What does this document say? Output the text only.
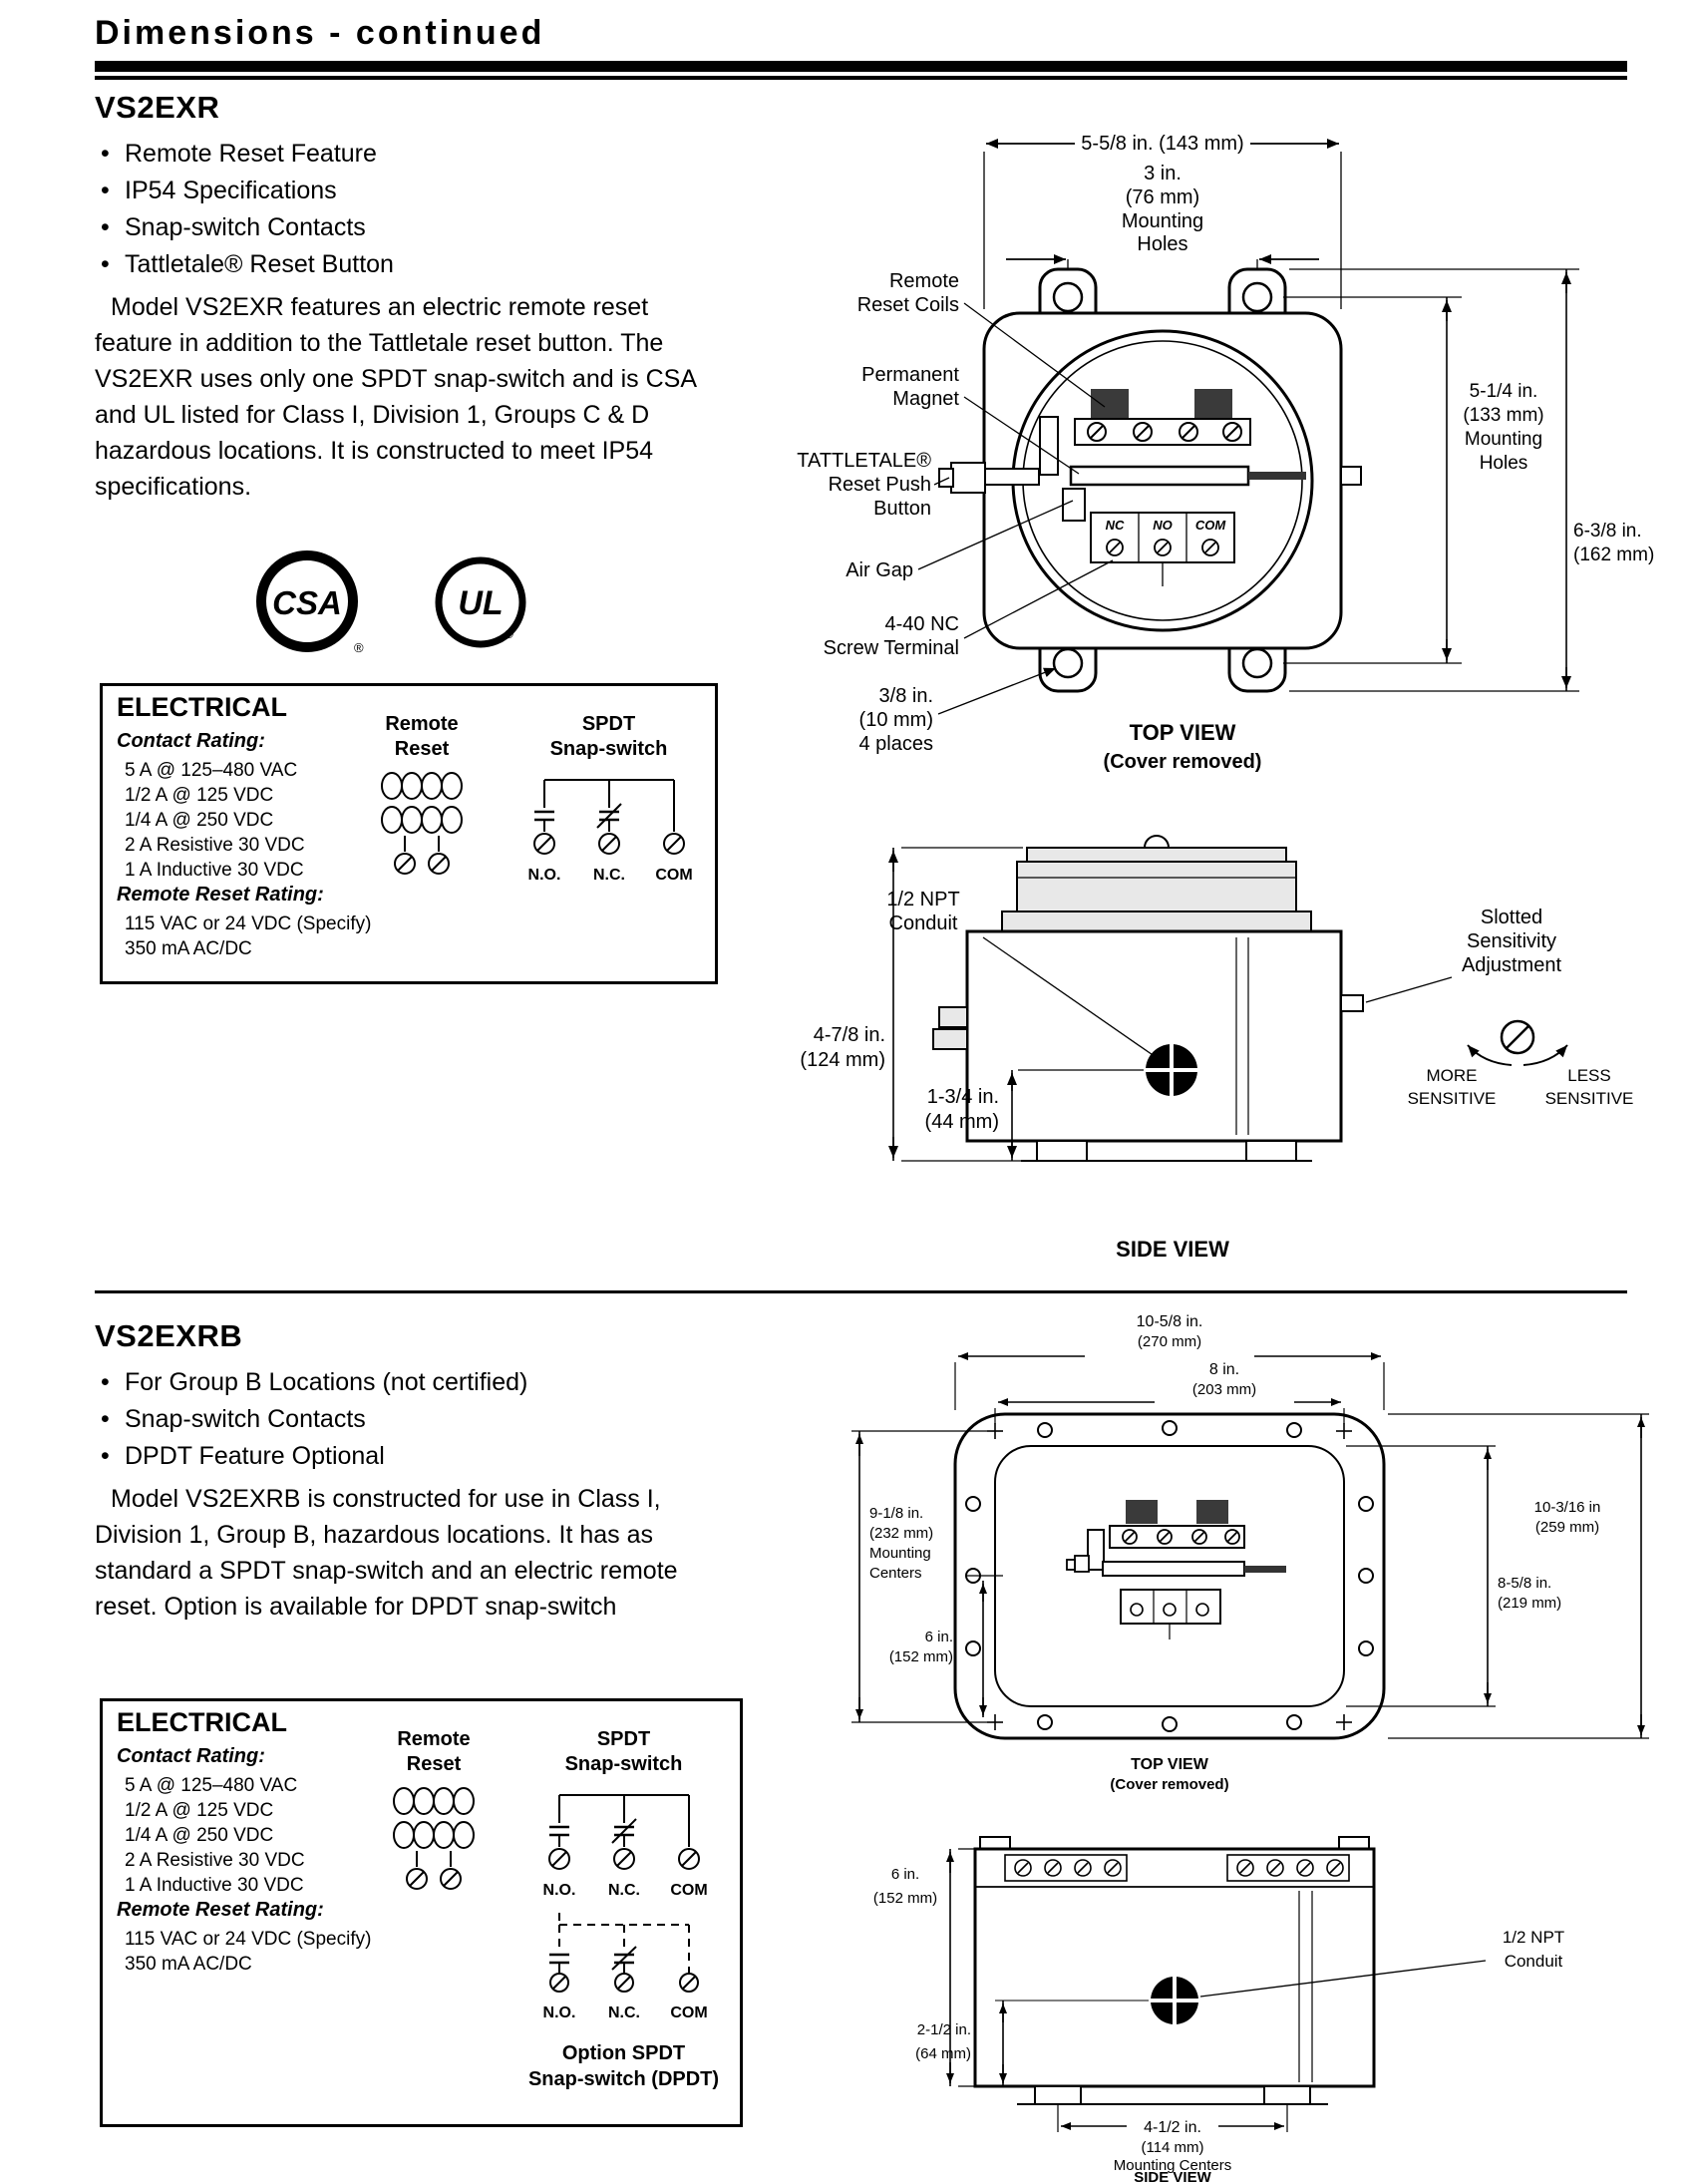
Dimensions - continued
VS2EXR
• Remote Reset Feature
• IP54 Specifications
• Snap-switch Contacts
• Tattletale® Reset Button

Model VS2EXR features an electric remote reset feature in addition to the Tattletale reset button. The VS2EXR uses only one SPDT snap-switch and is CSA and UL listed for Class I, Division 1, Groups C & D hazardous locations. It is constructed to meet IP54 specifications.

CSA
®
UL
®
ELECTRICAL
Contact Rating:
5 A @ 125–480 VAC
1/2 A @ 125 VDC
1/4 A @ 250 VDC
2 A Resistive 30 VDC
1 A Inductive 30 VDC
Remote Reset Rating:
115 VAC or 24 VDC (Specify)
350 mA AC/DC
Remote
Reset
SPDT
Snap-switch
N.O. N.C. COM
5-5/8 in. (143 mm)
3 in.
(76 mm)
Mounting
Holes
NC NO COM
Remote
Reset Coils
Permanent
Magnet
TATTLETALE®
Reset Push
Button
Air Gap
4-40 NC
Screw Terminal
3/8 in.
(10 mm)
4 places
5-1/4 in.
(133 mm)
Mounting
Holes
6-3/8 in.
(162 mm)
TOP VIEW
(Cover removed)
1/2 NPT
Conduit
4-7/8 in.
(124 mm)
1-3/4 in.
(44 mm)
Slotted
Sensitivity
Adjustment
MORE
SENSITIVE
LESS
SENSITIVE
SIDE VIEW
VS2EXRB
• For Group B Locations (not certified)
• Snap-switch Contacts
• DPDT Feature Optional

Model VS2EXRB is constructed for use in Class I, Division 1, Group B, hazardous locations. It has as standard a SPDT snap-switch and an electric remote reset. Option is available for DPDT snap-switch

ELECTRICAL
Contact Rating:
5 A @ 125–480 VAC
1/2 A @ 125 VDC
1/4 A @ 250 VDC
2 A Resistive 30 VDC
1 A Inductive 30 VDC
Remote Reset Rating:
115 VAC or 24 VDC (Specify)
350 mA AC/DC
Remote
Reset
SPDT
Snap-switch
N.O. N.C. COM
N.O. N.C. COM
Option SPDT
Snap-switch (DPDT)
10-5/8 in.
(270 mm)
8 in.
(203 mm)
9-1/8 in.
(232 mm)
Mounting
Centers
6 in.
(152 mm)
8-5/8 in.
(219 mm)
10-3/16 in
(259 mm)
TOP VIEW
(Cover removed)
1/2 NPT
Conduit
6 in.
(152 mm)
2-1/2 in.
(64 mm)
4-1/2 in.
(114 mm)
Mounting Centers
SIDE VIEW
